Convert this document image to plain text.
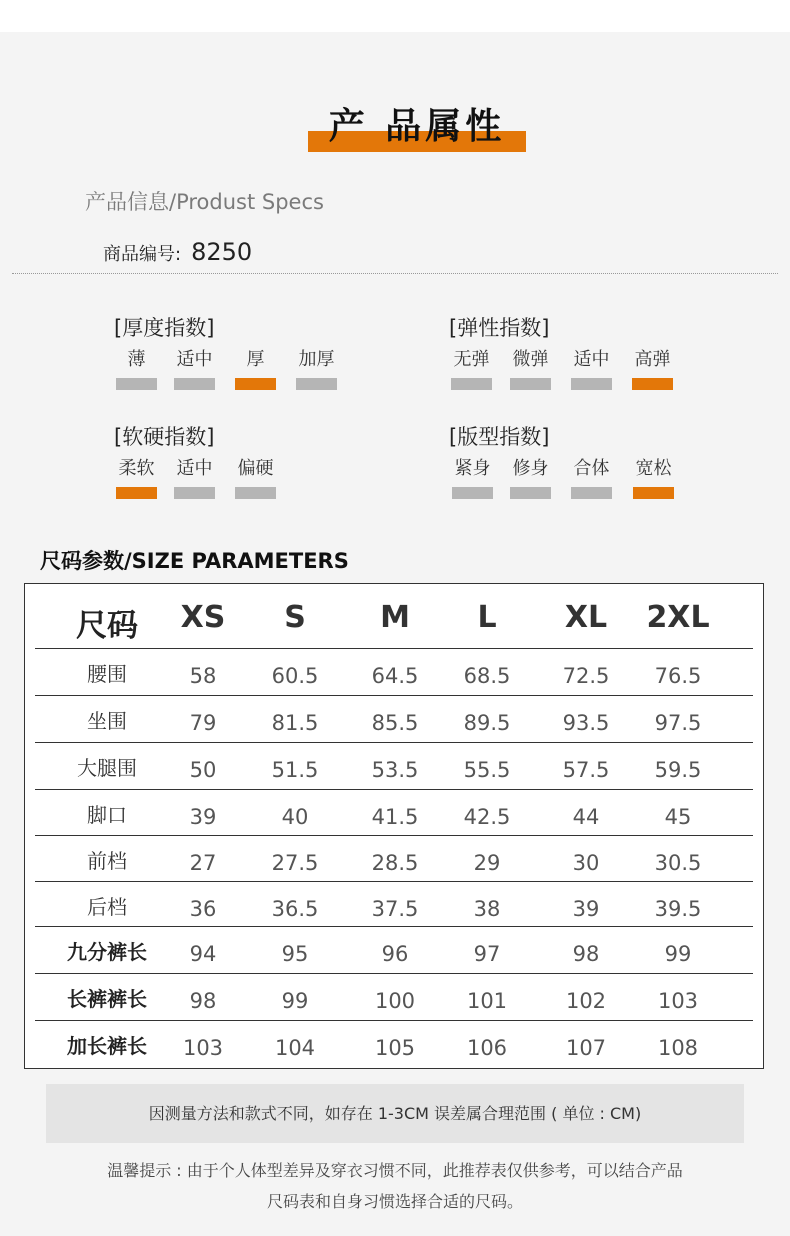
产 品属性
产品信息/Produst Specs
商品编号: 8250
[厚度指数]
薄	适中	厚	加厚
[弹性指数]
无弹 微弹 适中 高弹
[软硬指数]
柔软 适中 偏硬
[版型指数]
紧身 修身 合体 宽松
尺码参数/SIZE PARAMETERS
尺码	XS	S	M	L	XL	2XL
腰围	58	60.5	64.5	68.5	72.5	76.5
坐围	79	81.5	85.5	89.5	93.5	97.5
大腿围	50	51.5	53.5	55.5	57.5	59.5
脚口	39	40	41.5	42.5	44	45
前档	27	27.5	28.5	29	30	30.5
后档	36	36.5	37.5	38	39	39.5
九分裤长	94	95	96	97	98	99
长裤裤长	98	99	100	101	102	103
加长裤长	103	104	105	106	107	108
因测量方法和款式不同，如存在 1-3CM 误差属合理范围 ( 单位 : CM)
温馨提示 : 由于个人体型差异及穿衣习惯不同，此推荐表仅供参考，可以结合产品
尺码表和自身习惯选择合适的尺码。
